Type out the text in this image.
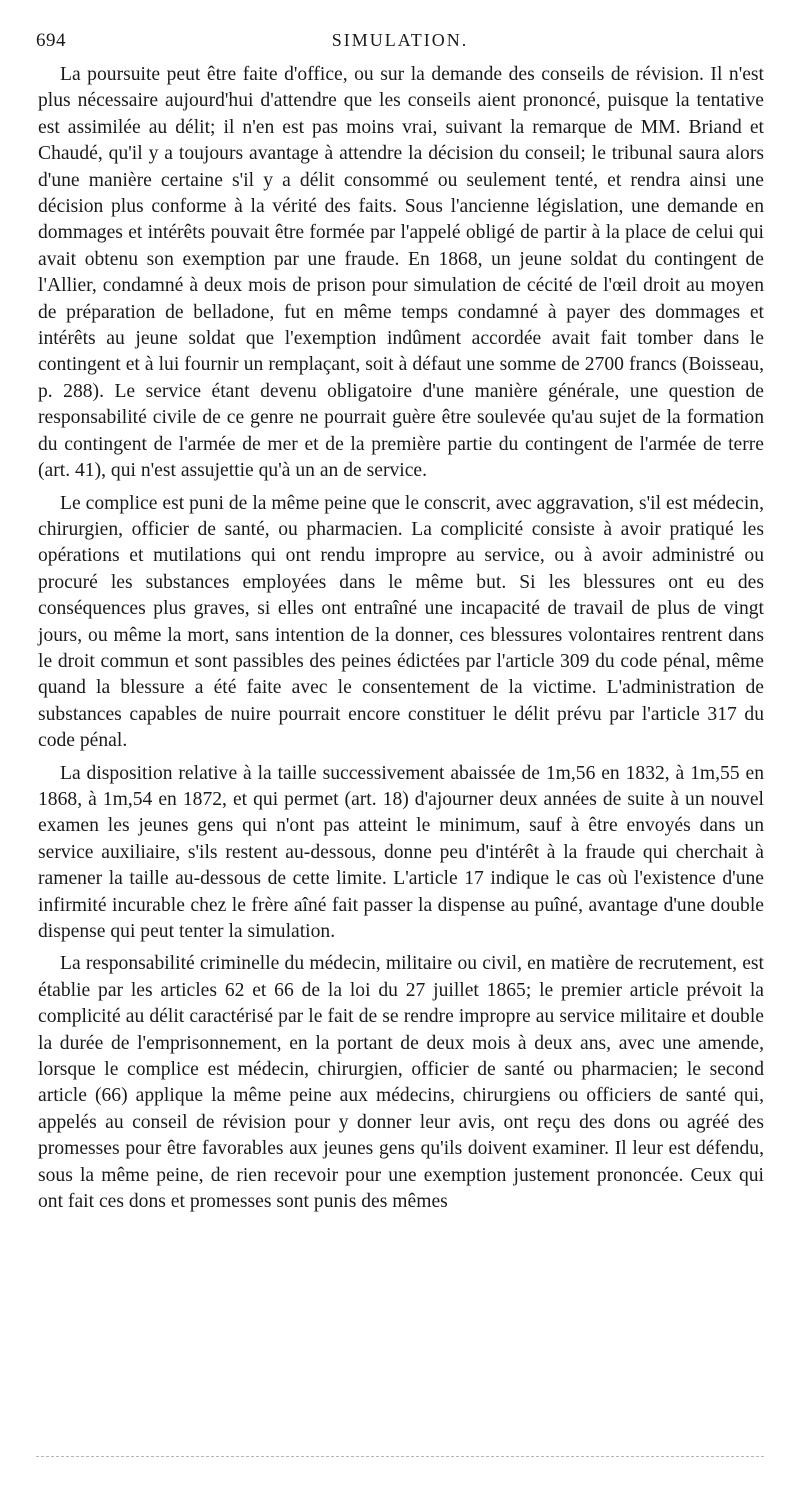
694	SIMULATION.

La poursuite peut être faite d'office, ou sur la demande des conseils de révision. Il n'est plus nécessaire aujourd'hui d'attendre que les conseils aient prononcé, puisque la tentative est assimilée au délit; il n'en est pas moins vrai, suivant la remarque de MM. Briand et Chaudé, qu'il y a toujours avantage à attendre la décision du conseil; le tribunal saura alors d'une manière certaine s'il y a délit consommé ou seulement tenté, et rendra ainsi une décision plus conforme à la vérité des faits. Sous l'ancienne législation, une demande en dommages et intérêts pouvait être formée par l'appelé obligé de partir à la place de celui qui avait obtenu son exemption par une fraude. En 1868, un jeune soldat du contingent de l'Allier, condamné à deux mois de prison pour simulation de cécité de l'œil droit au moyen de préparation de belladone, fut en même temps condamné à payer des dommages et intérêts au jeune soldat que l'exemption indûment accordée avait fait tomber dans le contingent et à lui fournir un remplaçant, soit à défaut une somme de 2700 francs (Boisseau, p. 288). Le service étant devenu obligatoire d'une manière générale, une question de responsabilité civile de ce genre ne pourrait guère être soulevée qu'au sujet de la formation du contingent de l'armée de mer et de la première partie du contingent de l'armée de terre (art. 41), qui n'est assujettie qu'à un an de service.

Le complice est puni de la même peine que le conscrit, avec aggravation, s'il est médecin, chirurgien, officier de santé, ou pharmacien. La complicité consiste à avoir pratiqué les opérations et mutilations qui ont rendu impropre au service, ou à avoir administré ou procuré les substances employées dans le même but. Si les blessures ont eu des conséquences plus graves, si elles ont entraîné une incapacité de travail de plus de vingt jours, ou même la mort, sans intention de la donner, ces blessures volontaires rentrent dans le droit commun et sont passibles des peines édictées par l'article 309 du code pénal, même quand la blessure a été faite avec le consentement de la victime. L'administration de substances capables de nuire pourrait encore constituer le délit prévu par l'article 317 du code pénal.

La disposition relative à la taille successivement abaissée de 1m,56 en 1832, à 1m,55 en 1868, à 1m,54 en 1872, et qui permet (art. 18) d'ajourner deux années de suite à un nouvel examen les jeunes gens qui n'ont pas atteint le minimum, sauf à être envoyés dans un service auxiliaire, s'ils restent au-dessous, donne peu d'intérêt à la fraude qui cherchait à ramener la taille au-dessous de cette limite. L'article 17 indique le cas où l'existence d'une infirmité incurable chez le frère aîné fait passer la dispense au puîné, avantage d'une double dispense qui peut tenter la simulation.

La responsabilité criminelle du médecin, militaire ou civil, en matière de recrutement, est établie par les articles 62 et 66 de la loi du 27 juillet 1865; le premier article prévoit la complicité au délit caractérisé par le fait de se rendre impropre au service militaire et double la durée de l'emprisonnement, en la portant de deux mois à deux ans, avec une amende, lorsque le complice est médecin, chirurgien, officier de santé ou pharmacien; le second article (66) applique la même peine aux médecins, chirurgiens ou officiers de santé qui, appelés au conseil de révision pour y donner leur avis, ont reçu des dons ou agréé des promesses pour être favorables aux jeunes gens qu'ils doivent examiner. Il leur est défendu, sous la même peine, de rien recevoir pour une exemption justement prononcée. Ceux qui ont fait ces dons et promesses sont punis des mêmes
